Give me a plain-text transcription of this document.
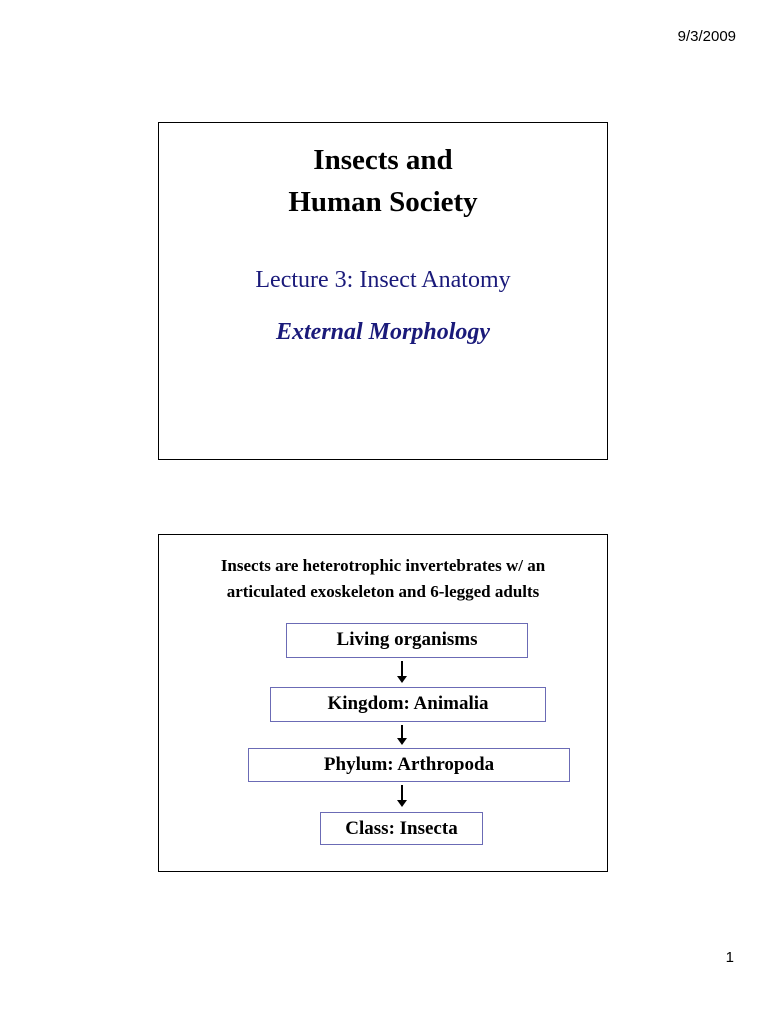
9/3/2009
Insects and
Human Society
Lecture 3: Insect Anatomy
External Morphology
Insects are heterotrophic invertebrates w/ an
articulated exoskeleton and 6-legged adults
Living organisms
Kingdom: Animalia
Phylum: Arthropoda
Class: Insecta
1
